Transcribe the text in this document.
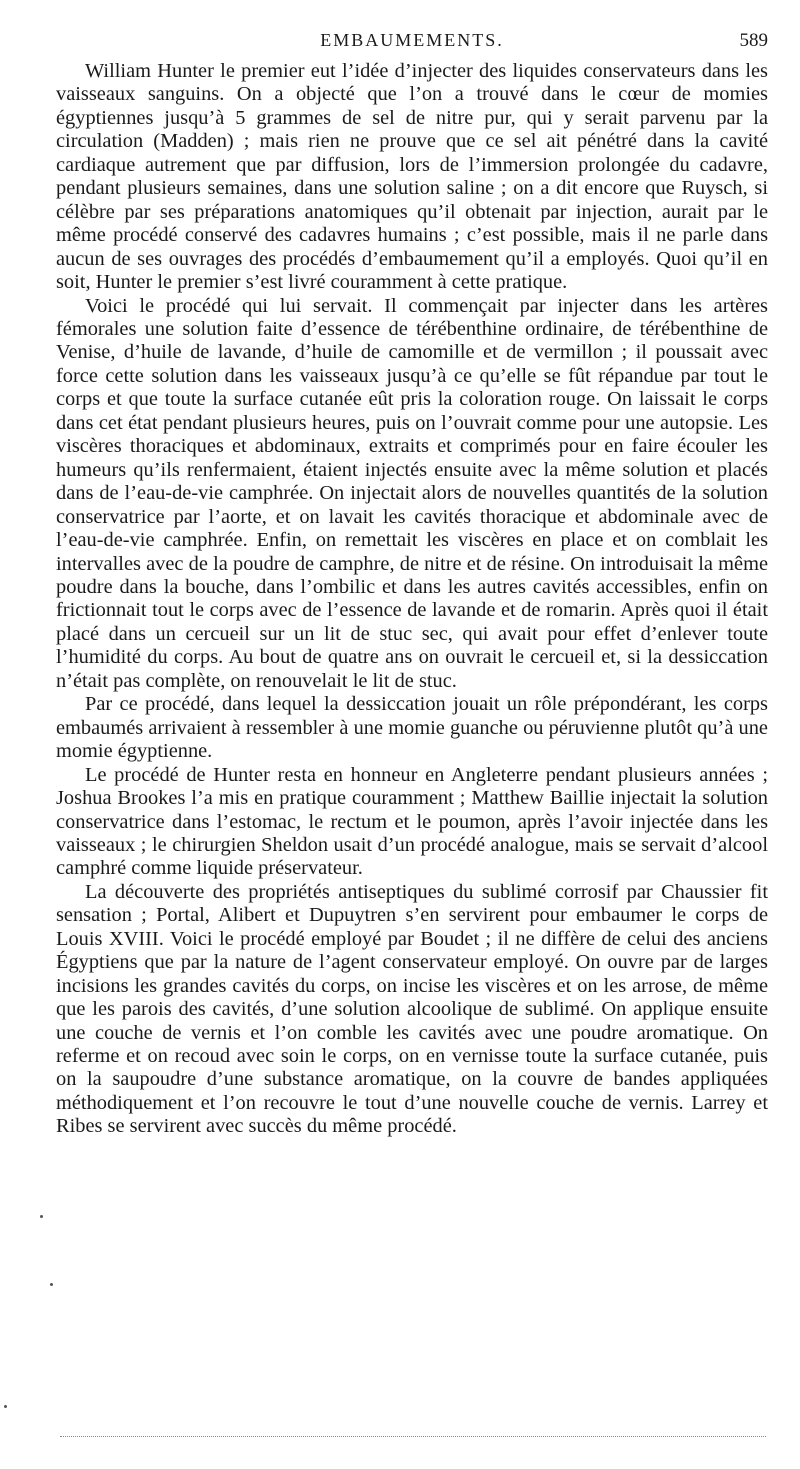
EMBAUMEMENTS.	589

William Hunter le premier eut l’idée d’injecter des liquides conservateurs dans les vaisseaux sanguins. On a objecté que l’on a trouvé dans le cœur de momies égyptiennes jusqu’à 5 grammes de sel de nitre pur, qui y serait parvenu par la circulation (Madden) ; mais rien ne prouve que ce sel ait pénétré dans la cavité cardiaque autrement que par diffusion, lors de l’immersion prolongée du cadavre, pendant plusieurs semaines, dans une solution saline ; on a dit encore que Ruysch, si célèbre par ses préparations anatomiques qu’il obtenait par injection, aurait par le même procédé conservé des cadavres humains ; c’est possible, mais il ne parle dans aucun de ses ouvrages des procédés d’embaumement qu’il a employés. Quoi qu’il en soit, Hunter le premier s’est livré couramment à cette pratique.

Voici le procédé qui lui servait. Il commençait par injecter dans les artères fémorales une solution faite d’essence de térébenthine ordinaire, de térébenthine de Venise, d’huile de lavande, d’huile de camomille et de vermillon ; il poussait avec force cette solution dans les vaisseaux jusqu’à ce qu’elle se fût répandue par tout le corps et que toute la surface cutanée eût pris la coloration rouge. On laissait le corps dans cet état pendant plusieurs heures, puis on l’ouvrait comme pour une autopsie. Les viscères thoraciques et abdominaux, extraits et comprimés pour en faire écouler les humeurs qu’ils renfermaient, étaient injectés ensuite avec la même solution et placés dans de l’eau-de-vie camphrée. On injectait alors de nouvelles quantités de la solution conservatrice par l’aorte, et on lavait les cavités thoracique et abdominale avec de l’eau-de-vie camphrée. Enfin, on remettait les viscères en place et on comblait les intervalles avec de la poudre de camphre, de nitre et de résine. On introduisait la même poudre dans la bouche, dans l’ombilic et dans les autres cavités accessibles, enfin on frictionnait tout le corps avec de l’essence de lavande et de romarin. Après quoi il était placé dans un cercueil sur un lit de stuc sec, qui avait pour effet d’enlever toute l’humidité du corps. Au bout de quatre ans on ouvrait le cercueil et, si la dessiccation n’était pas complète, on renouvelait le lit de stuc.

Par ce procédé, dans lequel la dessiccation jouait un rôle prépondérant, les corps embaumés arrivaient à ressembler à une momie guanche ou péruvienne plutôt qu’à une momie égyptienne.

Le procédé de Hunter resta en honneur en Angleterre pendant plusieurs années ; Joshua Brookes l’a mis en pratique couramment ; Matthew Baillie injectait la solution conservatrice dans l’estomac, le rectum et le poumon, après l’avoir injectée dans les vaisseaux ; le chirurgien Sheldon usait d’un procédé analogue, mais se servait d’alcool camphré comme liquide préservateur.

La découverte des propriétés antiseptiques du sublimé corrosif par Chaussier fit sensation ; Portal, Alibert et Dupuytren s’en servirent pour embaumer le corps de Louis XVIII. Voici le procédé employé par Boudet ; il ne diffère de celui des anciens Égyptiens que par la nature de l’agent conservateur employé. On ouvre par de larges incisions les grandes cavités du corps, on incise les viscères et on les arrose, de même que les parois des cavités, d’une solution alcoolique de sublimé. On applique ensuite une couche de vernis et l’on comble les cavités avec une poudre aromatique. On referme et on recoud avec soin le corps, on en vernisse toute la surface cutanée, puis on la saupoudre d’une substance aromatique, on la couvre de bandes appliquées méthodiquement et l’on recouvre le tout d’une nouvelle couche de vernis. Larrey et Ribes se servirent avec succès du même procédé.
